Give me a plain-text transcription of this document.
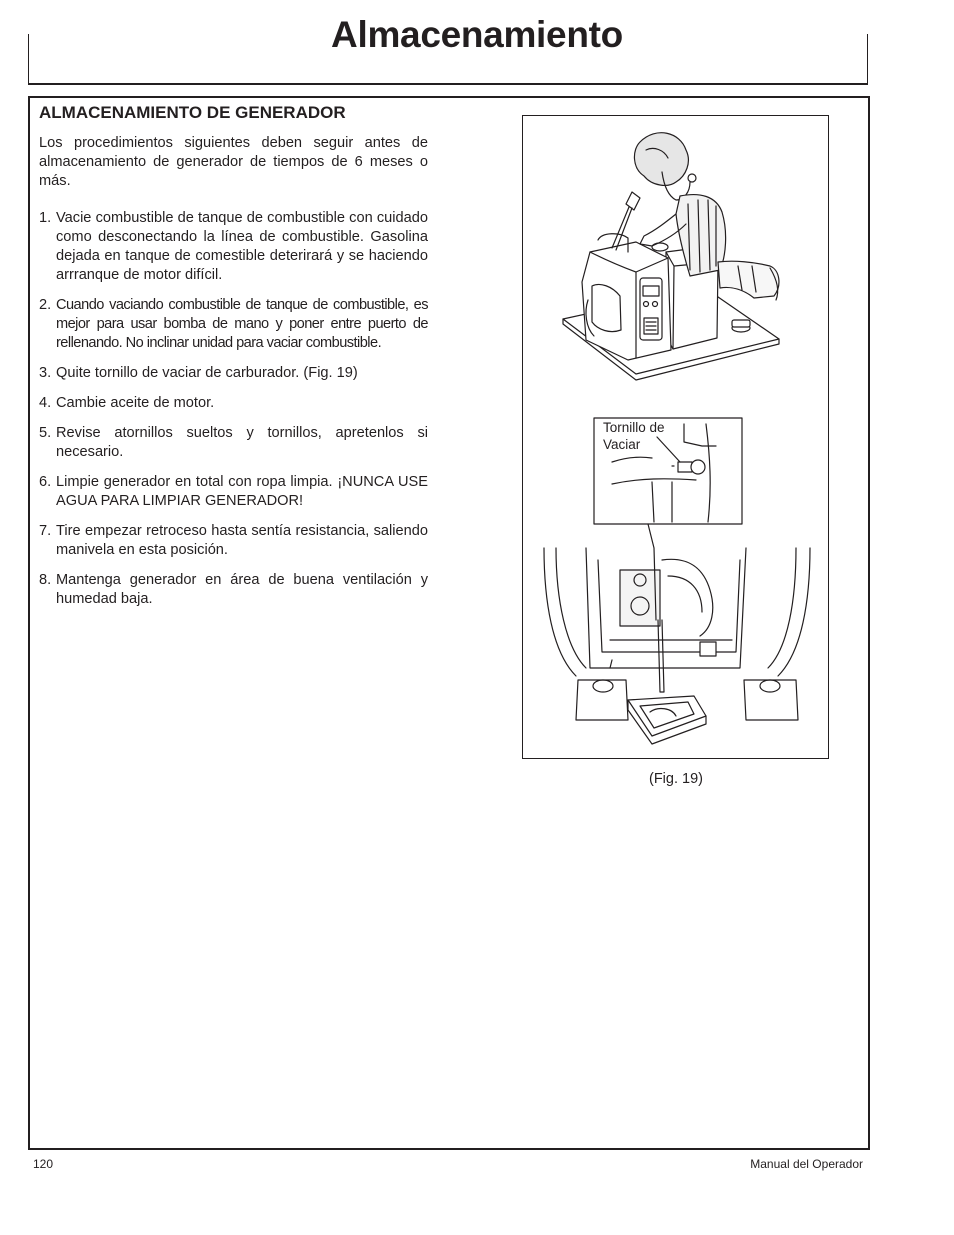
Almacenamiento
ALMACENAMIENTO DE GENERADOR

Los procedimientos siguientes deben seguir antes de almacenamiento de generador de tiempos de 6 meses o más.

1. Vacie combustible de tanque de combustible con cuidado como desconectando la línea de combustible. Gasolina dejada en tanque de comestible deterirará y se haciendo arrranque de motor difícil.
2. Cuando vaciando combustible de tanque de combustible, es mejor para usar bomba de mano y poner entre puerto de rellenando. No inclinar unidad para vaciar combustible.
3. Quite tornillo de vaciar de carburador. (Fig. 19)
4. Cambie aceite de motor.
5. Revise atornillos sueltos y tornillos, apretenlos si necesario.
6. Limpie generador en total con ropa limpia. ¡NUNCA USE AGUA PARA LIMPIAR GENERADOR!
7. Tire empezar retroceso hasta sentía resistancia, saliendo manivela en esta posición.
8. Mantenga generador en área de buena ventilación y humedad baja.
Tornillo de
Vaciar
(Fig. 19)
120	Manual del Operador
